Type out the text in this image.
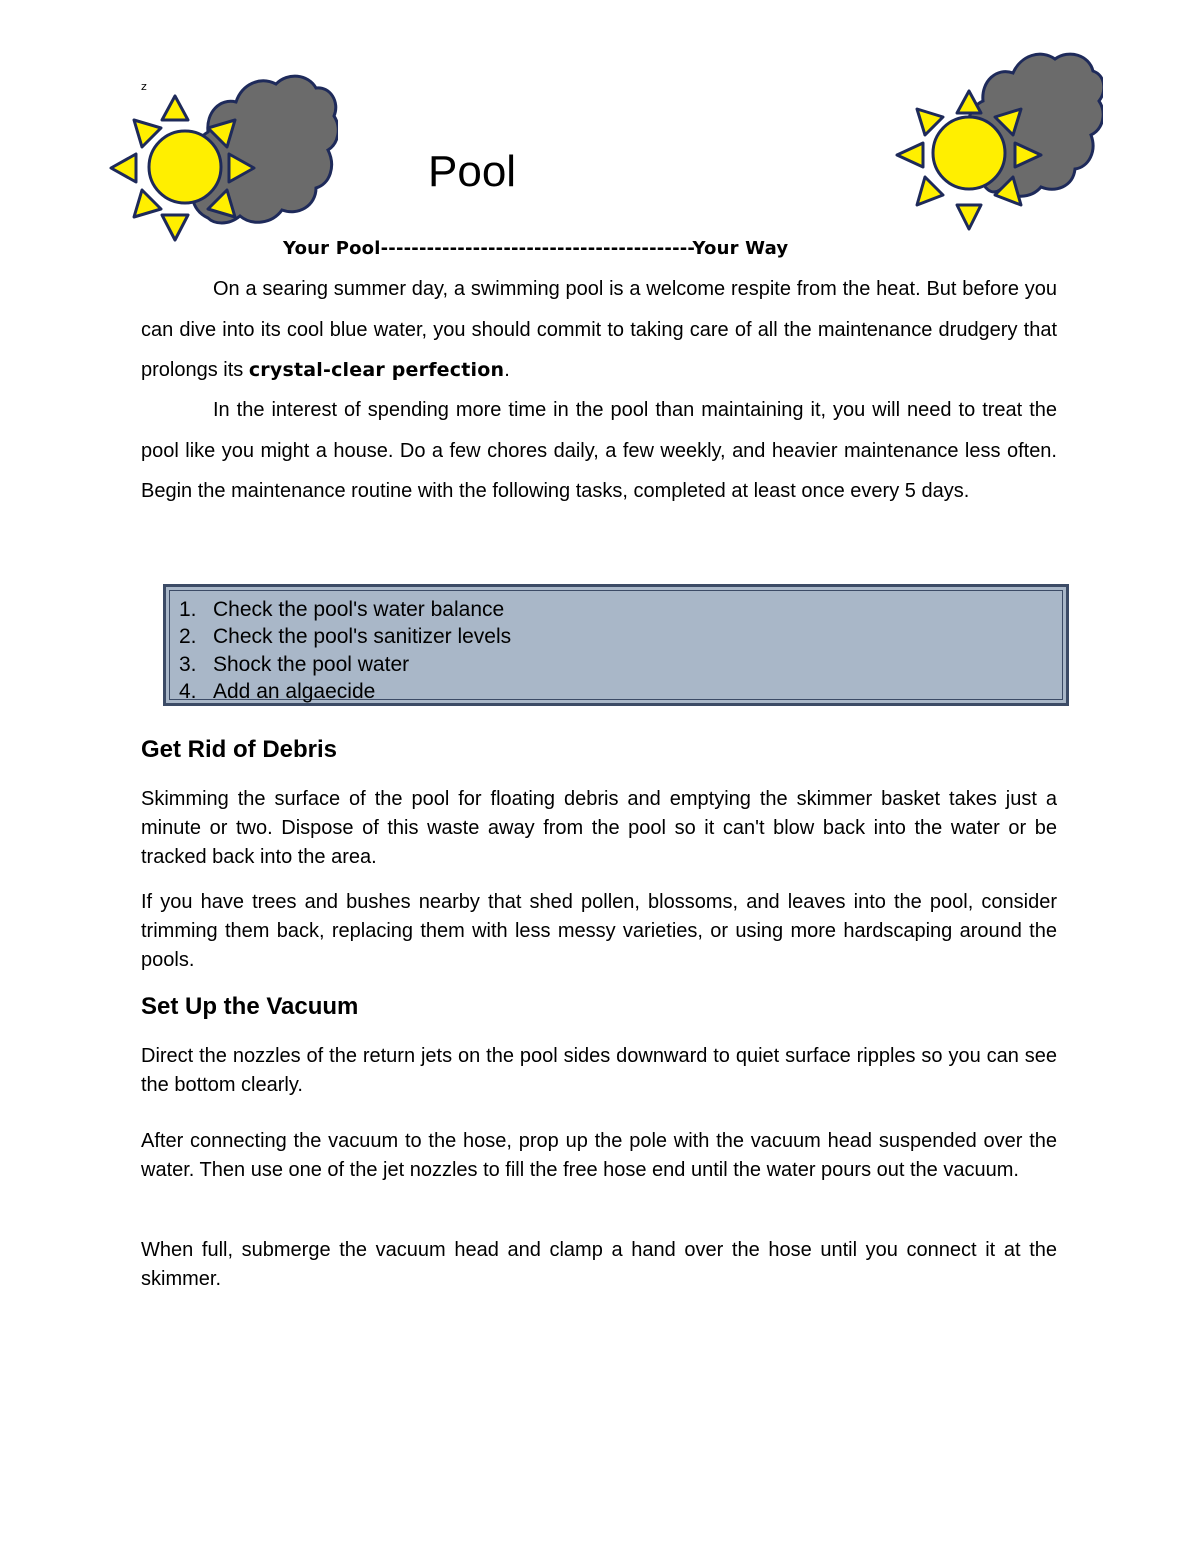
z
Pool
Your Pool-----------------------------------------Your Way

On a searing summer day, a swimming pool is a welcome respite from the heat. But before you can dive into its cool blue water, you should commit to taking care of all the maintenance drudgery that prolongs its crystal-clear perfection.

In the interest of spending more time in the pool than maintaining it, you will need to treat the pool like you might a house. Do a few chores daily, a few weekly, and heavier maintenance less often. Begin the maintenance routine with the following tasks, completed at least once every 5 days.

1. Check the pool's water balance
2. Check the pool's sanitizer levels
3. Shock the pool water
4. Add an algaecide
Get Rid of Debris

Skimming the surface of the pool for floating debris and emptying the skimmer basket takes just a minute or two. Dispose of this waste away from the pool so it can't blow back into the water or be tracked back into the area.

If you have trees and bushes nearby that shed pollen, blossoms, and leaves into the pool, consider trimming them back, replacing them with less messy varieties, or using more hardscaping around the pools.

Set Up the Vacuum

Direct the nozzles of the return jets on the pool sides downward to quiet surface ripples so you can see the bottom clearly.

After connecting the vacuum to the hose, prop up the pole with the vacuum head suspended over the water. Then use one of the jet nozzles to fill the free hose end until the water pours out the vacuum.

When full, submerge the vacuum head and clamp a hand over the hose until you connect it at the skimmer.
